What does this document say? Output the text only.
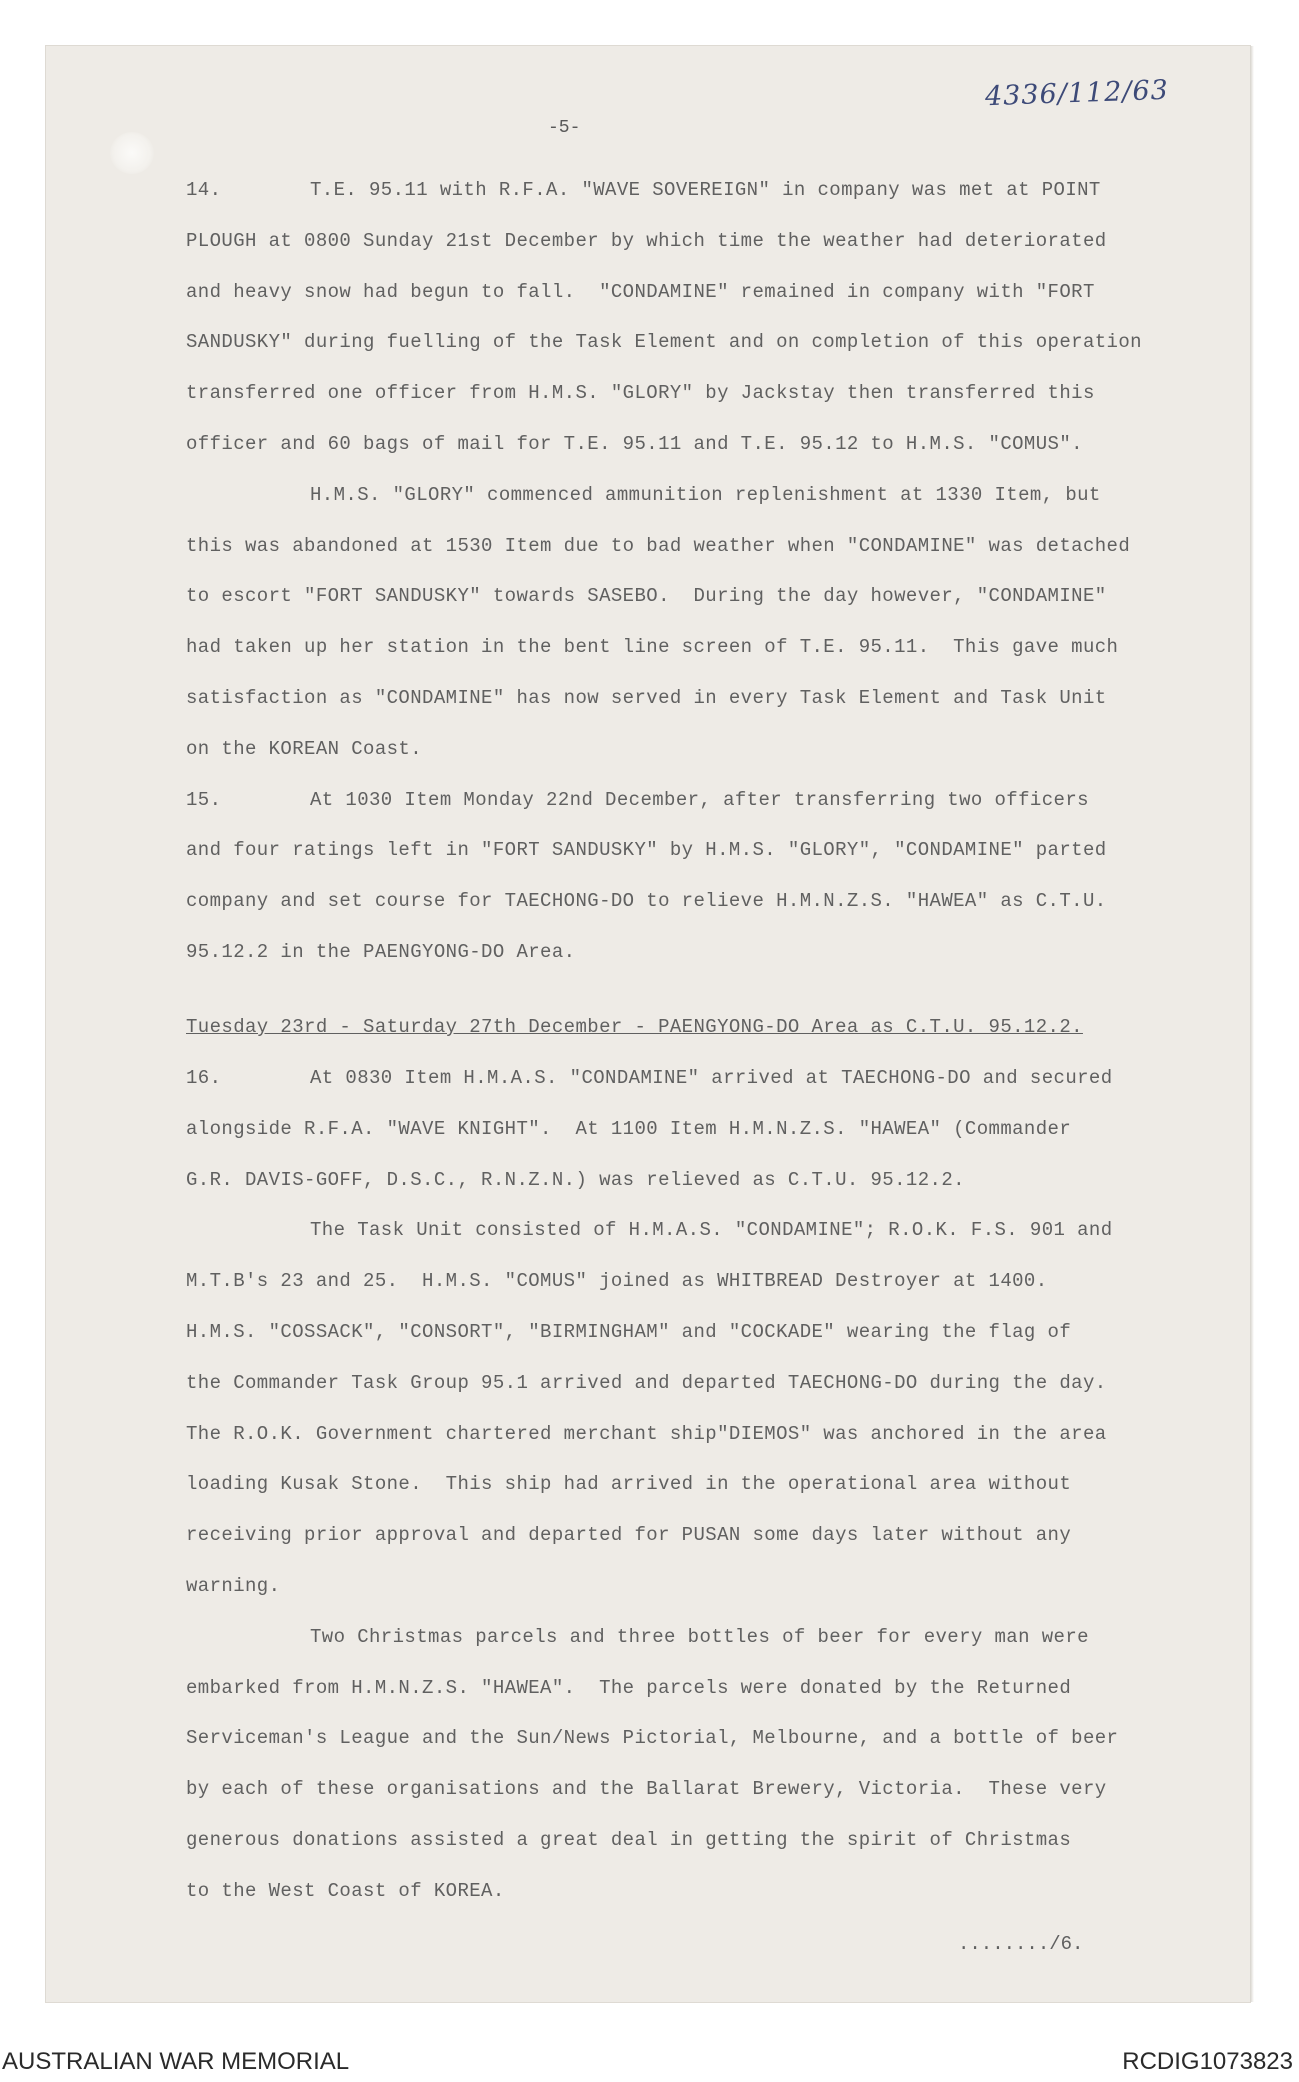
4336/112/63
-5-
14.	T.E. 95.11 with R.F.A. "WAVE SOVEREIGN" in company was met at POINT
PLOUGH at 0800 Sunday 21st December by which time the weather had deteriorated
and heavy snow had begun to fall.  "CONDAMINE" remained in company with "FORT
SANDUSKY" during fuelling of the Task Element and on completion of this operation
transferred one officer from H.M.S. "GLORY" by Jackstay then transferred this
officer and 60 bags of mail for T.E. 95.11 and T.E. 95.12 to H.M.S. "COMUS".
H.M.S. "GLORY" commenced ammunition replenishment at 1330 Item, but
this was abandoned at 1530 Item due to bad weather when "CONDAMINE" was detached
to escort "FORT SANDUSKY" towards SASEBO.  During the day however, "CONDAMINE"
had taken up her station in the bent line screen of T.E. 95.11.  This gave much
satisfaction as "CONDAMINE" has now served in every Task Element and Task Unit
on the KOREAN Coast.
15.	At 1030 Item Monday 22nd December, after transferring two officers
and four ratings left in "FORT SANDUSKY" by H.M.S. "GLORY", "CONDAMINE" parted
company and set course for TAECHONG-DO to relieve H.M.N.Z.S. "HAWEA" as C.T.U.
95.12.2 in the PAENGYONG-DO Area.
Tuesday 23rd - Saturday 27th December - PAENGYONG-DO Area as C.T.U. 95.12.2.
16.	At 0830 Item H.M.A.S. "CONDAMINE" arrived at TAECHONG-DO and secured
alongside R.F.A. "WAVE KNIGHT".  At 1100 Item H.M.N.Z.S. "HAWEA" (Commander
G.R. DAVIS-GOFF, D.S.C., R.N.Z.N.) was relieved as C.T.U. 95.12.2.
The Task Unit consisted of H.M.A.S. "CONDAMINE"; R.O.K. F.S. 901 and
M.T.B's 23 and 25.  H.M.S. "COMUS" joined as WHITBREAD Destroyer at 1400.
H.M.S. "COSSACK", "CONSORT", "BIRMINGHAM" and "COCKADE" wearing the flag of
the Commander Task Group 95.1 arrived and departed TAECHONG-DO during the day.
The R.O.K. Government chartered merchant ship"DIEMOS" was anchored in the area
loading Kusak Stone.  This ship had arrived in the operational area without
receiving prior approval and departed for PUSAN some days later without any
warning.
Two Christmas parcels and three bottles of beer for every man were
embarked from H.M.N.Z.S. "HAWEA".  The parcels were donated by the Returned
Serviceman's League and the Sun/News Pictorial, Melbourne, and a bottle of beer
by each of these organisations and the Ballarat Brewery, Victoria.  These very
generous donations assisted a great deal in getting the spirit of Christmas
to the West Coast of KOREA.
......../6.
AUSTRALIAN WAR MEMORIAL	RCDIG1073823
